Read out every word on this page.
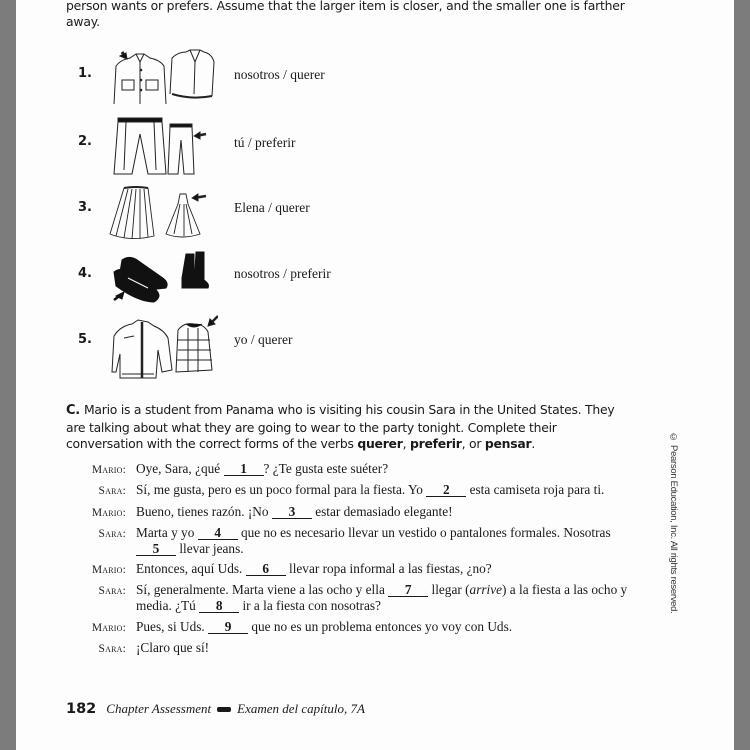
person wants or prefers. Assume that the larger item is closer, and the smaller one is farther away.
1.	nosotros / querer
2.	tú / preferir
3.	Elena / querer
4.	nosotros / preferir
5.	yo / querer
C. Mario is a student from Panama who is visiting his cousin Sara in the United States. They are talking about what they are going to wear to the party tonight. Complete their conversation with the correct forms of the verbs querer, preferir, or pensar.
Mario: Oye, Sara, ¿qué 1 ? ¿Te gusta este suéter?
Sara: Sí, me gusta, pero es un poco formal para la fiesta. Yo 2 esta camiseta roja para ti.
Mario: Bueno, tienes razón. ¡No 3 estar demasiado elegante!
Sara: Marta y yo 4 que no es necesario llevar un vestido o pantalones formales. Nosotras 5 llevar jeans.
Mario: Entonces, aquí Uds. 6 llevar ropa informal a las fiestas, ¿no?
Sara: Sí, generalmente. Marta viene a las ocho y ella 7 llegar (arrive) a la fiesta a las ocho y media. ¿Tú 8 ir a la fiesta con nosotras?
Mario: Pues, si Uds. 9 que no es un problema entonces yo voy con Uds.
Sara: ¡Claro que sí!
© Pearson Education, Inc. All rights reserved.
182 Chapter Assessment Examen del capítulo, 7A
